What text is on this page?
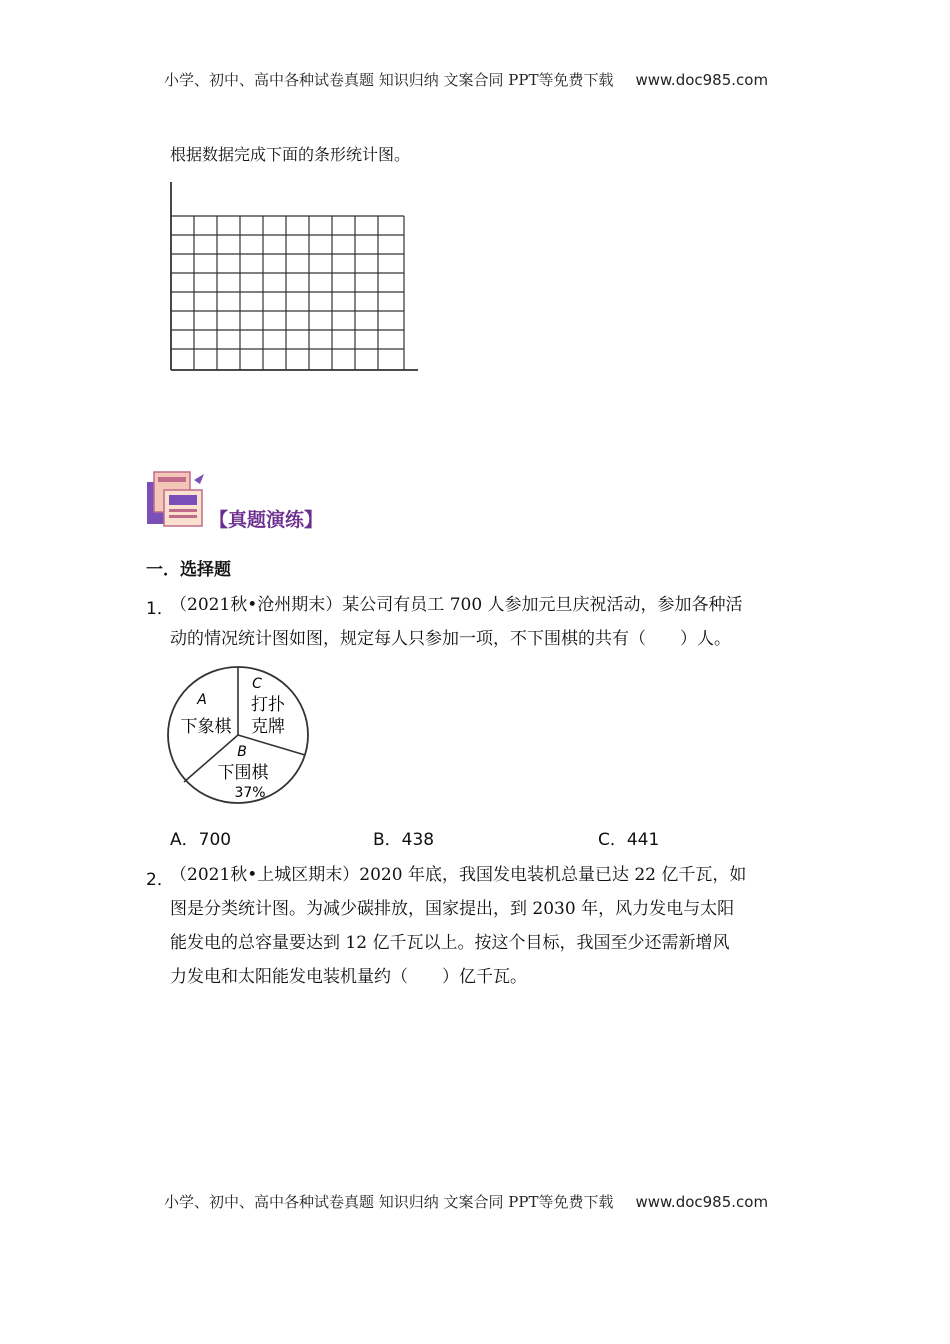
小学、初中、高中各种试卷真题 知识归纳 文案合同 PPT等免费下载 www.doc985.com
根据数据完成下面的条形统计图。
【真题演练】
一．选择题
1．
（2021秋•沧州期末）某公司有员工 700 人参加元旦庆祝活动，参加各种活
动的情况统计图如图，规定每人只参加一项，不下围棋的共有（　　）人。
A
下象棋
C
打扑
克牌
B
下围棋
37%
A．700	B．438	C．441
2．
（2021秋•上城区期末）2020 年底，我国发电装机总量已达 22 亿千瓦，如
图是分类统计图。为减少碳排放，国家提出，到 2030 年，风力发电与太阳
能发电的总容量要达到 12 亿千瓦以上。按这个目标，我国至少还需新增风
力发电和太阳能发电装机量约（　　）亿千瓦。
小学、初中、高中各种试卷真题 知识归纳 文案合同 PPT等免费下载 www.doc985.com
